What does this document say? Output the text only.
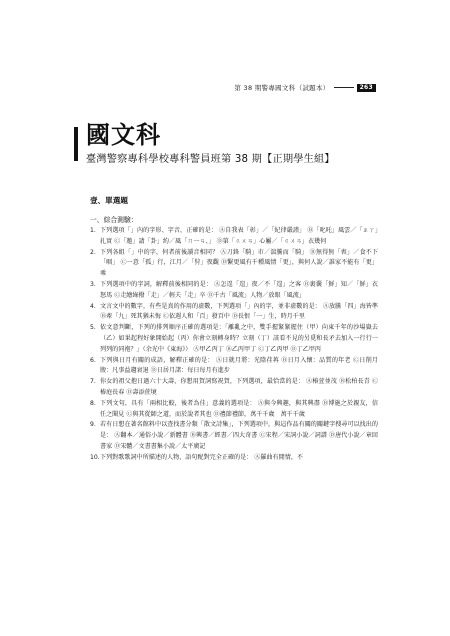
第 38 期警專國文科（試題本）	263
國文科
臺灣警察專科學校專科警員班第 38 期【正期學生組】
壹、單選題
一、綜合測驗：
1. 下列選項「」內的字形、字音，正確的是： Ⓐ自我表「彰」／「紀律嚴謹」 Ⓑ「叱吒」風雲／「ㄓㄚ」扎實 Ⓒ「邀」請「卦」約／風「ㄇ一ㄢ、」 Ⓓ第「ㄍㄨㄢ」心屬／「ㄍㄨㄢ」衣幾何
2. 下列各組「」中的字，何者前後讀音相同？ Ⓐ刀鋒「騎」市／湍騰而「騎」 Ⓑ無得無「喪」／食不下「咽」 Ⓒ一意「孤」行，江月／「狩」夜觀 Ⓓ繫更風有千種風情「更」，與何人說／誰家不能有「更」乘
3. 下列選項中的字詞，解釋前後相同的是： Ⓐ怎遑「遑」夜／不「遑」之客 Ⓑ裹囊「鮮」知／「鮮」衣怒馬 Ⓒ走繪綠撥「走」／輕夫「走」卒 Ⓓ千古「風流」人物／放眼「風流」
4. 文言文中的數字，有些是真的作用的虛數，下列選項「」內的字，並非虛數的是： Ⓐ放騰「四」海皆準 Ⓑ牽「九」死其猶未悔 Ⓒ依週人和「百」發百中 Ⓓ長恨「一」生，時月千里
5. 依文意判斷，下列的排列順序正確的選項是：「離亂之中，雙手握緊緊握住（甲）向東千年的沙場嶽去（乙）如果起程好象開始起（丙）你會立刻轉身時？立刻（丁）該看不見的另覓和長矛去加入一行行一列列的同袍？」（余光中《東海》） Ⓐ甲乙丙丁 Ⓑ乙丙甲丁 Ⓒ丁乙丙甲 Ⓓ丁乙甲丙
6. 下列與日月有關的成語，解釋正確的是： Ⓐ日就月將：光陰荏苒 Ⓑ日月入懷：品質的年老 Ⓒ日削月朘：凡事益趨衰退 Ⓓ日居月諸：每日每月有進步
7. 你女的祖父抱日過六十大壽，你想用賀詞寫祝賀，下列選項，最恰當的是： Ⓐ椿萱並茂 Ⓑ松柏長青 Ⓒ椿庭長春 Ⓓ壽添蔗境
8. 下列文句，具有「兩相比較，後者為佳」意義的選項是： Ⓐ與今興趣，與其興盡 Ⓑ博施之於親友，信任之聞見 Ⓒ與其從師之道，而於說者其也 Ⓓ禮節禮節，萬千千歲　萬千千歲
9. 若有日想在著名館料中以查找書分類「散文詩集」，下列選項中，與這作品有關的關鍵字搜尋可以找出的是： Ⓐ翻本／通俗小說／新體書 Ⓑ興書／經書／四大奇書 Ⓒ宋程／宋詞小說／詞譜 Ⓓ唐代小說／章回書家 Ⓓ宋體／文書書集小說／太平廣記
10. 下列對歌歌詞中所描述的人物，語句配對完全正確的是： Ⓐ羅曲有閒情，不
